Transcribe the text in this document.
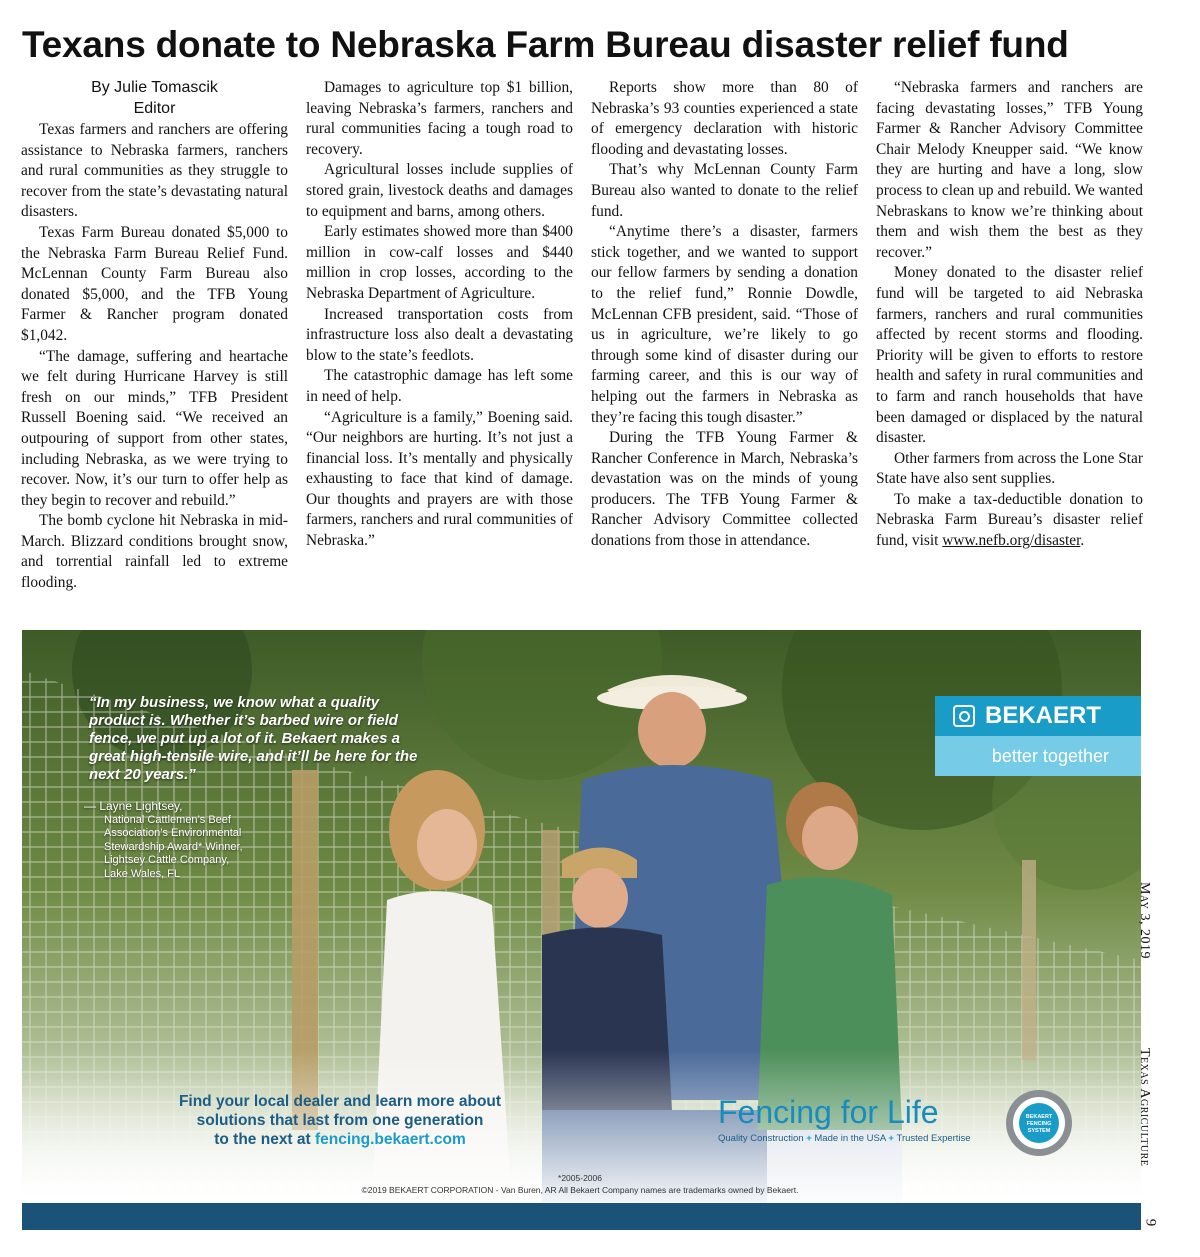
Texans donate to Nebraska Farm Bureau disaster relief fund
By Julie Tomascik
Editor

Texas farmers and ranchers are offering assistance to Nebraska farmers, ranchers and rural communities as they struggle to recover from the state’s devastating natural disasters.

Texas Farm Bureau donated $5,000 to the Nebraska Farm Bureau Relief Fund. McLennan County Farm Bureau also donated $5,000, and the TFB Young Farmer & Rancher program donated $1,042.

“The damage, suffering and heartache we felt during Hurricane Harvey is still fresh on our minds,” TFB President Russell Boening said. “We received an outpouring of support from other states, including Nebraska, as we were trying to recover. Now, it’s our turn to offer help as they begin to recover and rebuild.”

The bomb cyclone hit Nebraska in mid-March. Blizzard conditions brought snow, and torrential rainfall led to extreme flooding.

Damages to agriculture top $1 billion, leaving Nebraska’s farmers, ranchers and rural communities facing a tough road to recovery.

Agricultural losses include supplies of stored grain, livestock deaths and damages to equipment and barns, among others.

Early estimates showed more than $400 million in cow-calf losses and $440 million in crop losses, according to the Nebraska Department of Agriculture.

Increased transportation costs from infrastructure loss also dealt a devastating blow to the state’s feedlots.

The catastrophic damage has left some in need of help.

“Agriculture is a family,” Boening said. “Our neighbors are hurting. It’s not just a financial loss. It’s mentally and physically exhausting to face that kind of damage. Our thoughts and prayers are with those farmers, ranchers and rural communities of Nebraska.”

Reports show more than 80 of Nebraska’s 93 counties experienced a state of emergency declaration with historic flooding and devastating losses.

That’s why McLennan County Farm Bureau also wanted to donate to the relief fund.

“Anytime there’s a disaster, farmers stick together, and we wanted to support our fellow farmers by sending a donation to the relief fund,” Ronnie Dowdle, McLennan CFB president, said. “Those of us in agriculture, we’re likely to go through some kind of disaster during our farming career, and this is our way of helping out the farmers in Nebraska as they’re facing this tough disaster.”

During the TFB Young Farmer & Rancher Conference in March, Nebraska’s devastation was on the minds of young producers. The TFB Young Farmer & Rancher Advisory Committee collected donations from those in attendance.

“Nebraska farmers and ranchers are facing devastating losses,” TFB Young Farmer & Rancher Advisory Committee Chair Melody Kneupper said. “We know they are hurting and have a long, slow process to clean up and rebuild. We wanted Nebraskans to know we’re thinking about them and wish them the best as they recover.”

Money donated to the disaster relief fund will be targeted to aid Nebraska farmers, ranchers and rural communities affected by recent storms and flooding. Priority will be given to efforts to restore health and safety in rural communities and to farm and ranch households that have been damaged or displaced by the natural disaster.

Other farmers from across the Lone Star State have also sent supplies.

To make a tax-deductible donation to Nebraska Farm Bureau’s disaster relief fund, visit www.nefb.org/disaster.

“In my business, we know what a quality product is. Whether it’s barbed wire or field fence, we put up a lot of it. Bekaert makes a great high-tensile wire, and it’ll be here for the next 20 years.”
— Layne Lightsey,
National Cattlemen’s Beef
Association’s Environmental
Stewardship Award* Winner,
Lightsey Cattle Company,
Lake Wales, FL
BEKAERT
better together
Find your local dealer and learn more about
solutions that last from one generation
to the next at fencing.bekaert.com
Fencing for Life
Quality Construction + Made in the USA + Trusted Expertise
BEKAERT
FENCING
SYSTEM
*2005-2006
©2019 BEKAERT CORPORATION - Van Buren, AR All Bekaert Company names are trademarks owned by Bekaert.
May 3, 2019
Texas Agriculture
9
